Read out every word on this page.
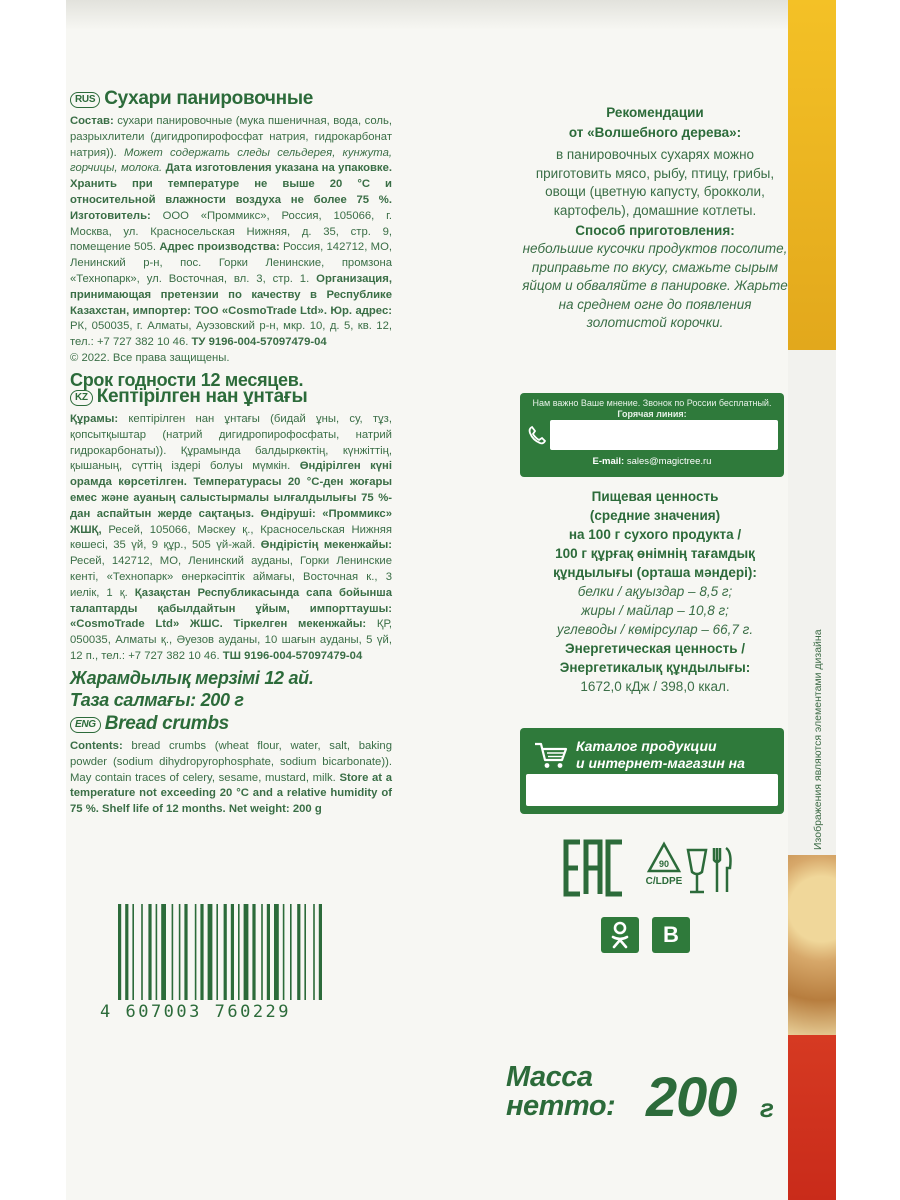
RUS Сухари панировочные
Состав: сухари панировочные (мука пшеничная, вода, соль, разрыхлители (дигидропирофосфат натрия, гидрокарбонат натрия)). Может содержать следы сельдерея, кунжута, горчицы, молока. Дата изготовления указана на упаковке. Хранить при температуре не выше 20 °С и относительной влажности воздуха не более 75 %. Изготовитель: ООО «Проммикс», Россия, 105066, г. Москва, ул. Красносельская Нижняя, д. 35, стр. 9, помещение 505. Адрес производства: Россия, 142712, МО, Ленинский р-н, пос. Горки Ленинские, промзона «Технопарк», ул. Восточная, вл. 3, стр. 1. Организация, принимающая претензии по качеству в Республике Казахстан, импортер: ТОО «CosmoTrade Ltd». Юр. адрес: РК, 050035, г. Алматы, Ауэзовский р-н, мкр. 10, д. 5, кв. 12, тел.: +7 727 382 10 46. ТУ 9196-004-57097479-04
© 2022. Все права защищены.
Срок годности 12 месяцев.
KZ Кептірілген нан ұнтағы
Құрамы: кептірілген нан ұнтағы (бидай ұны, су, тұз, қопсытқыштар (натрий дигидропирофосфаты, натрий гидрокарбонаты)). Құрамында балдыркөктің, күнжіттің, қышаның, сүттің іздері болуы мүмкін. Өндірілген күні орамда көрсетілген. Температурасы 20 °С-ден жоғары емес және ауаның салыстырмалы ылғалдылығы 75 %-дан аспайтын жерде сақтаңыз. Өндіруші: «Проммикс» ЖШҚ, Ресей, 105066, Мәскеу қ., Красносельская Нижняя көшесі, 35 үй, 9 құр., 505 үй-жай. Өндірістің мекенжайы: Ресей, 142712, МО, Ленинский ауданы, Горки Ленинские кенті, «Технопарк» өнеркәсіптік аймағы, Восточная к., 3 иелік, 1 қ. Қазақстан Республикасында сапа бойынша талаптарды қабылдайтын ұйым, импорттаушы: «CosmoTrade Ltd» ЖШС. Тіркелген мекенжайы: ҚР, 050035, Алматы қ., Әуезов ауданы, 10 шағын ауданы, 5 үй, 12 п., тел.: +7 727 382 10 46. ТШ 9196-004-57097479-04
Жарамдылық мерзімі 12 ай.
Таза салмағы: 200 г
ENG Bread crumbs
Contents: bread crumbs (wheat flour, water, salt, baking powder (sodium dihydropyrophosphate, sodium bicarbonate)). May contain traces of celery, sesame, mustard, milk. Store at a temperature not exceeding 20 °C and a relative humidity of 75 %. Shelf life of 12 months. Net weight: 200 g
4 607003 760229
Рекомендации
от «Волшебного дерева»:
в панировочных сухарях можно приготовить мясо, рыбу, птицу, грибы, овощи (цветную капусту, брокколи, картофель), домашние котлеты.
Способ приготовления:
небольшие кусочки продуктов посолите, приправьте по вкусу, смажьте сырым яйцом и обваляйте в панировке. Жарьте на среднем огне до появления золотистой корочки.
Нам важно Ваше мнение. Звонок по России бесплатный. Горячая линия:
E-mail: sales@magictree.ru
Пищевая ценность
(средние значения)
на 100 г сухого продукта /
100 г құрғақ өнімнің тағамдық
құндылығы (орташа мәндері):
белки / ақуыздар – 8,5 г;
жиры / майлар – 10,8 г;
углеводы / көмірсулар – 66,7 г.
Энергетическая ценность /
Энергетикалық құндылығы:
1672,0 кДж / 398,0 ккал.
Каталог продукции
и интернет-магазин на
EAC
90
C/LDPE
В
Масса
нетто: 200 г
